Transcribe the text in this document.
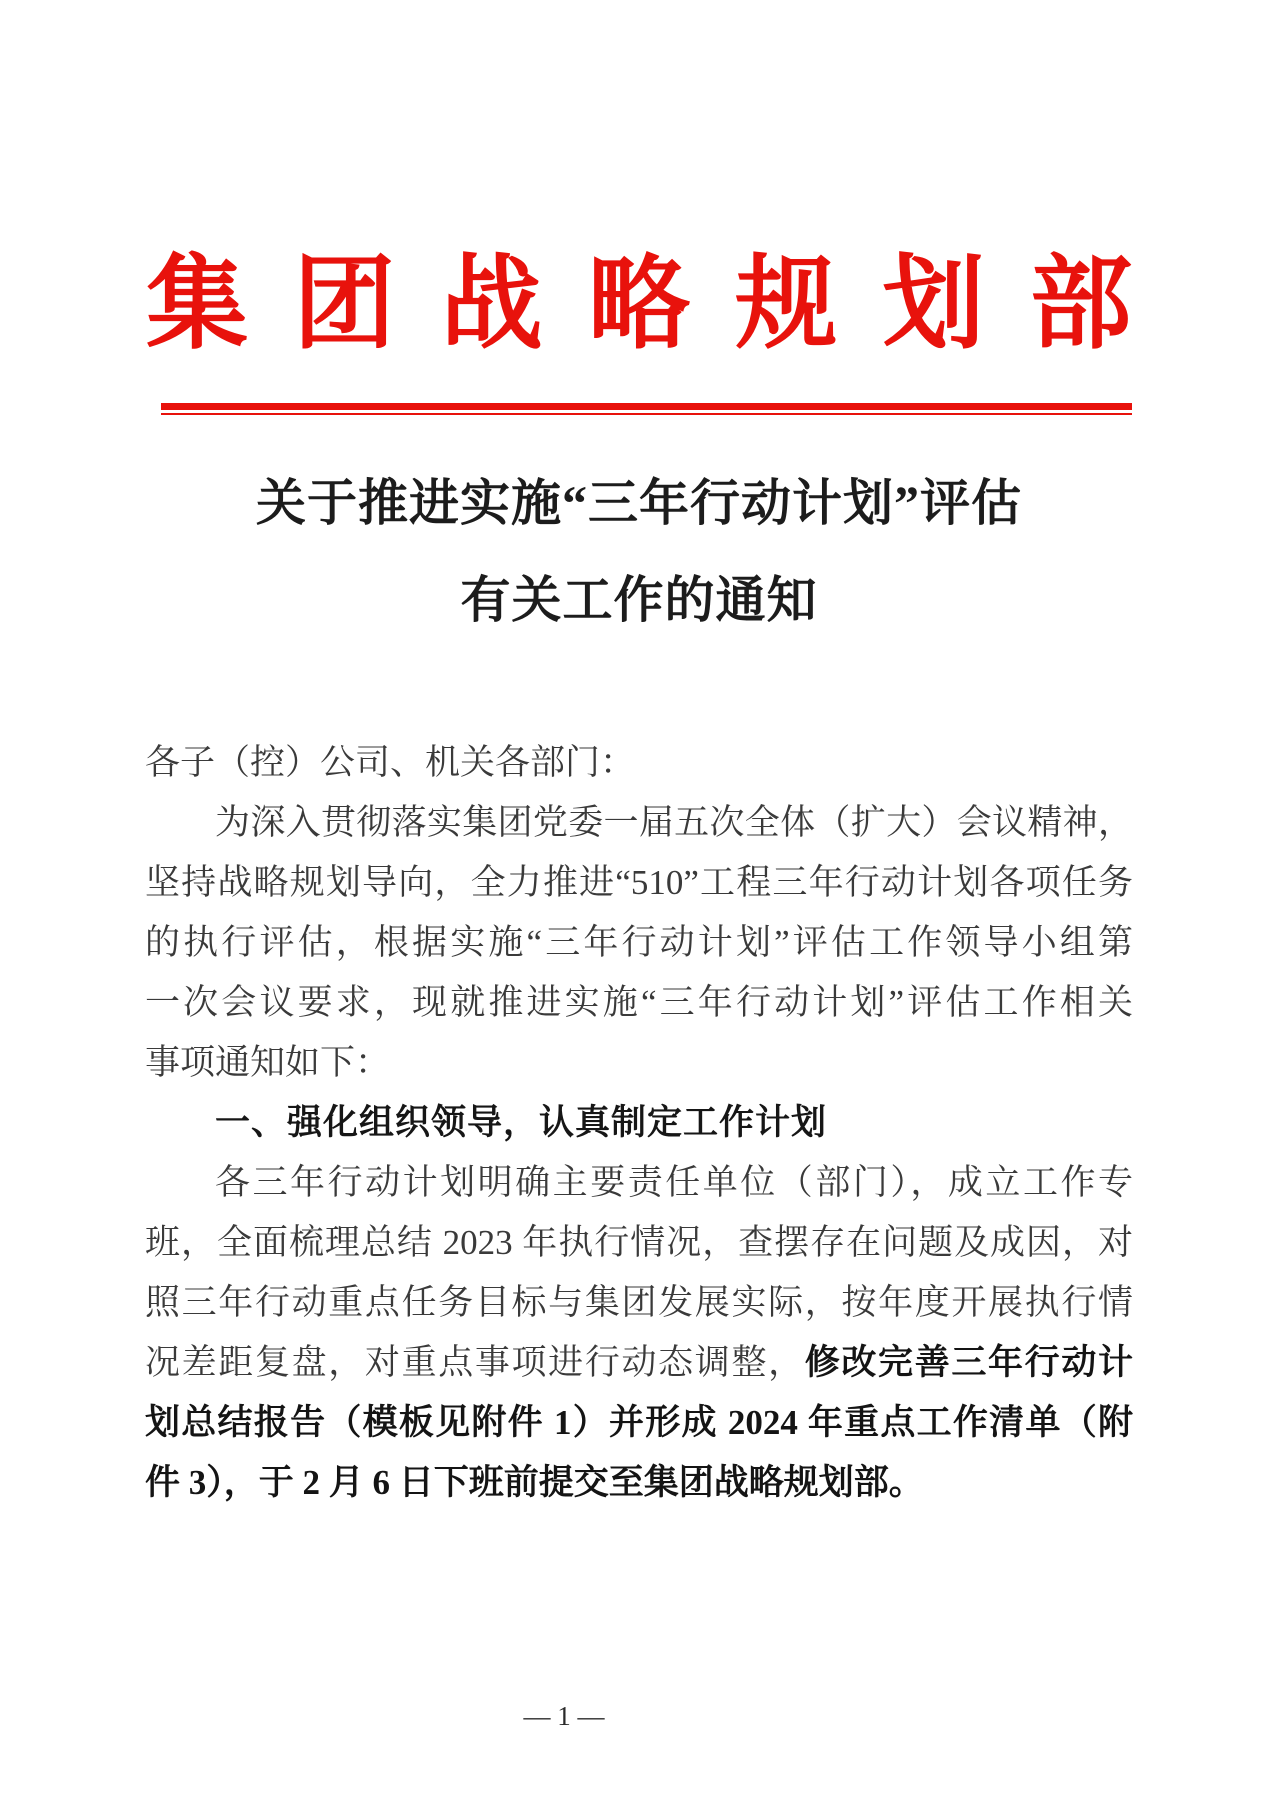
集团战略规划部
关于推进实施“三年行动计划”评估
有关工作的通知
各子（控）公司、机关各部门：
为深入贯彻落实集团党委一届五次全体（扩大）会议精神，
坚持战略规划导向，全力推进“510”工程三年行动计划各项任务
的执行评估，根据实施“三年行动计划”评估工作领导小组第
一次会议要求，现就推进实施“三年行动计划”评估工作相关
事项通知如下：
一、强化组织领导，认真制定工作计划
各三年行动计划明确主要责任单位（部门），成立工作专
班，全面梳理总结 2023 年执行情况，查摆存在问题及成因，对
照三年行动重点任务目标与集团发展实际，按年度开展执行情
况差距复盘，对重点事项进行动态调整，修改完善三年行动计
划总结报告（模板见附件 1）并形成 2024 年重点工作清单（附
件 3），于 2 月 6 日下班前提交至集团战略规划部。
— 1 —
